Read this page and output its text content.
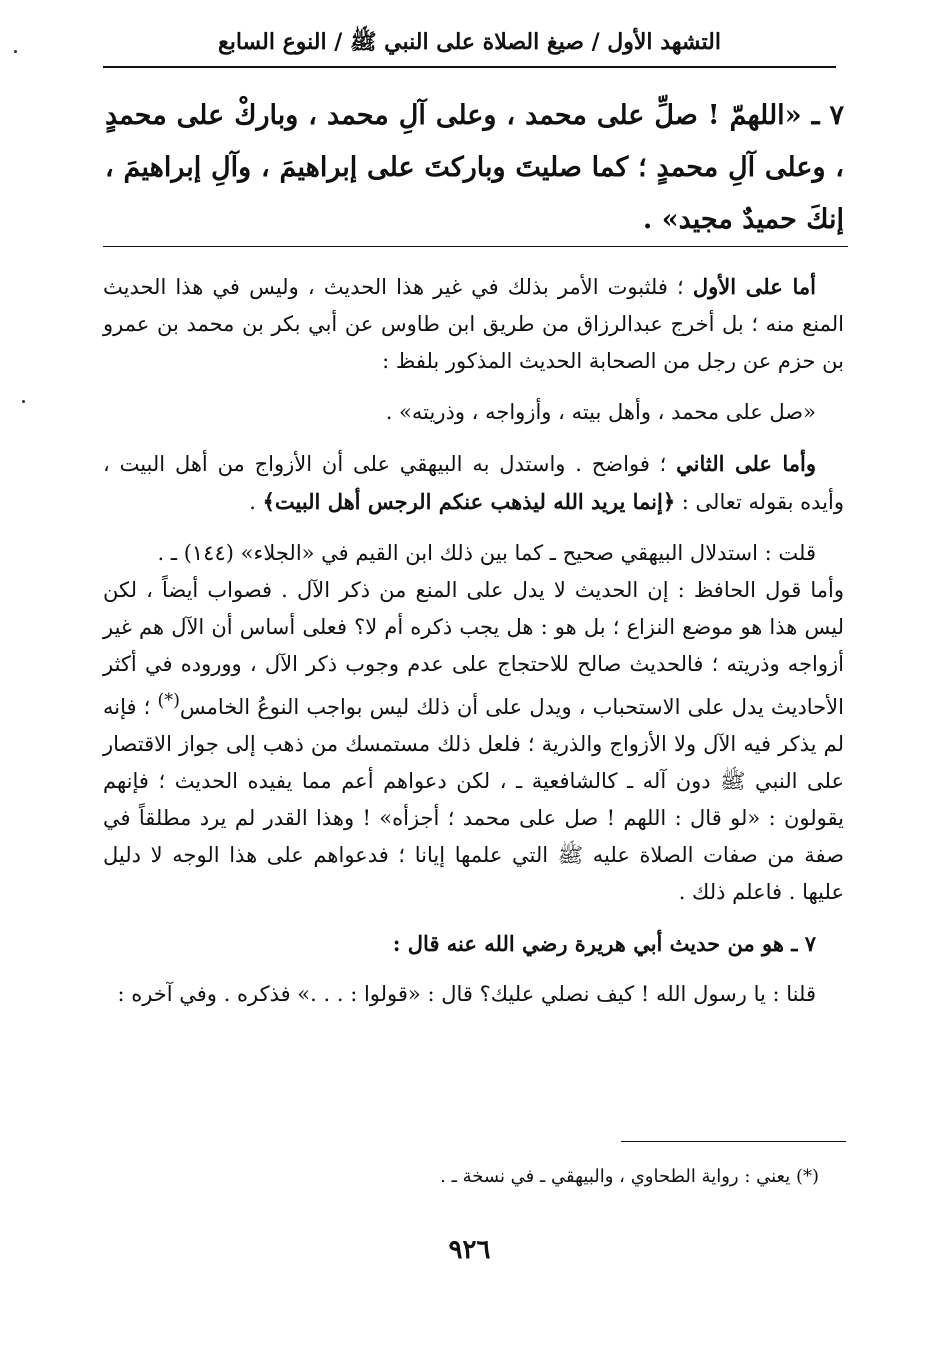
التشهد الأول / صيغ الصلاة على النبي ﷺ / النوع السابع
٧ ـ «اللهمّ ! صلِّ على محمد ، وعلى آلِ محمد ، وباركْ على محمدٍ ، وعلى آلِ محمدٍ ؛ كما صليتَ وباركتَ على إبراهيمَ ، وآلِ إبراهيمَ ، إنكَ حميدٌ مجيد» .

أما على الأول ؛ فلثبوت الأمر بذلك في غير هذا الحديث ، وليس في هذا الحديث المنع منه ؛ بل أخرج عبدالرزاق من طريق ابن طاوس عن أبي بكر بن محمد بن عمرو بن حزم عن رجل من الصحابة الحديث المذكور بلفظ :

«صل على محمد ، وأهل بيته ، وأزواجه ، وذريته» .

وأما على الثاني ؛ فواضح . واستدل به البيهقي على أن الأزواج من أهل البيت ، وأيده بقوله تعالى : ﴿إنما يريد الله ليذهب عنكم الرجس أهل البيت﴾ .

قلت : استدلال البيهقي صحيح ـ كما بين ذلك ابن القيم في «الجلاء» (١٤٤) ـ .
وأما قول الحافظ : إن الحديث لا يدل على المنع من ذكر الآل . فصواب أيضاً ، لكن ليس هذا هو موضع النزاع ؛ بل هو : هل يجب ذكره أم لا؟ فعلى أساس أن الآل هم غير أزواجه وذريته ؛ فالحديث صالح للاحتجاج على عدم وجوب ذكر الآل ، ووروده في أكثر الأحاديث يدل على الاستحباب ، ويدل على أن ذلك ليس بواجب النوعُ الخامس(*) ؛ فإنه لم يذكر فيه الآل ولا الأزواج والذرية ؛ فلعل ذلك مستمسك من ذهب إلى جواز الاقتصار على النبي ﷺ دون آله ـ كالشافعية ـ ، لكن دعواهم أعم مما يفيده الحديث ؛ فإنهم يقولون : «لو قال : اللهم ! صل على محمد ؛ أجزأه» ! وهذا القدر لم يرد مطلقاً في صفة من صفات الصلاة عليه ﷺ التي علمها إيانا ؛ فدعواهم على هذا الوجه لا دليل عليها . فاعلم ذلك .

٧ ـ هو من حديث أبي هريرة رضي الله عنه قال :

قلنا : يا رسول الله ! كيف نصلي عليك؟ قال : «قولوا : . . .» فذكره . وفي آخره :

(*) يعني : رواية الطحاوي ، والبيهقي ـ في نسخة ـ .
٩٢٦
